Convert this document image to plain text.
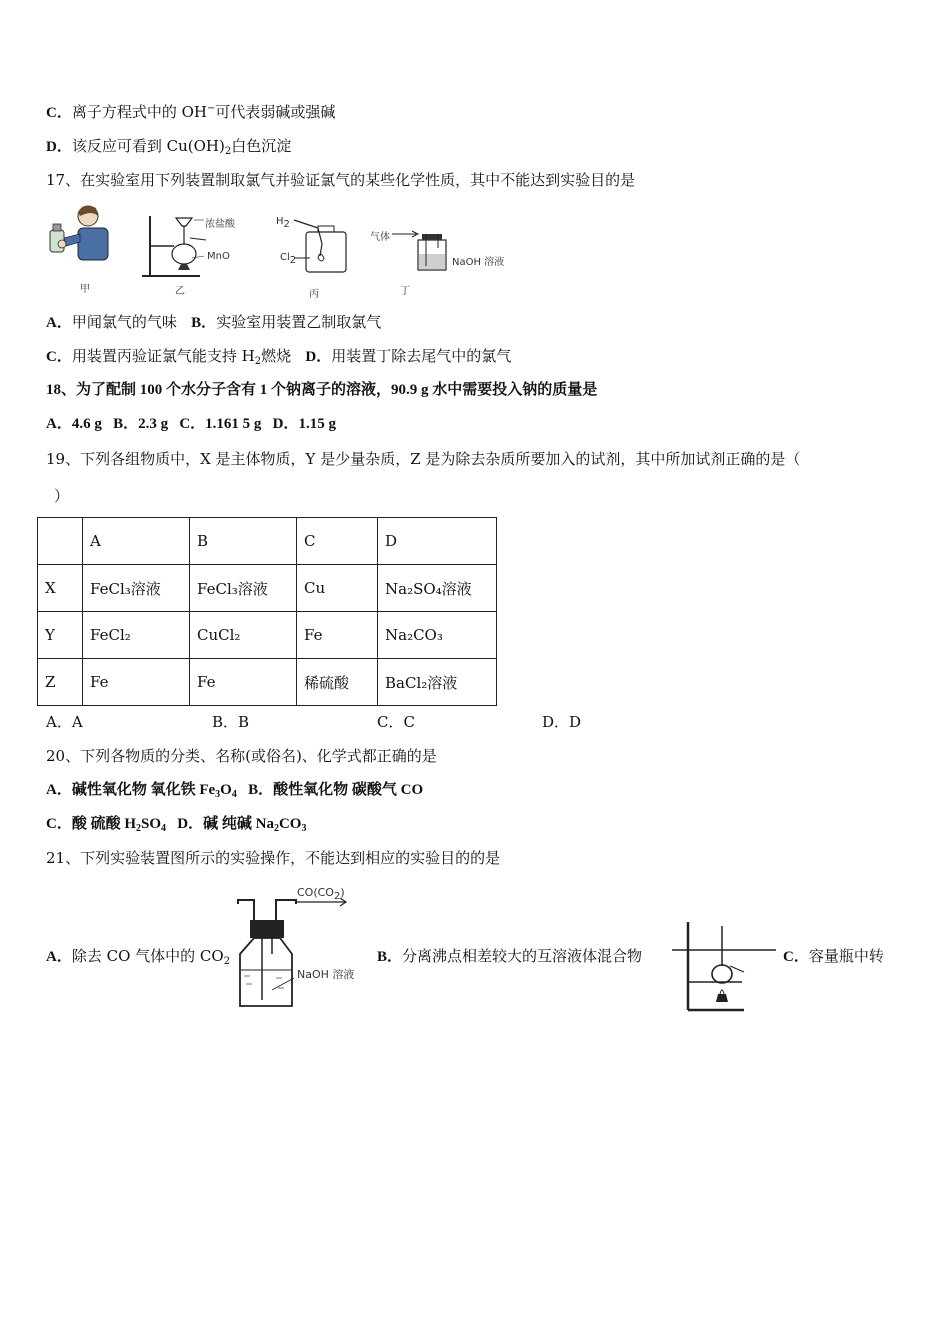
C．离子方程式中的 OH−可代表弱碱或强碱
D．该反应可看到 $Cu(OH)_2$白色沉淀
17、在实验室用下列装置制取氯气并验证氯气的某些化学性质，其中不能达到实验目的是
浓盐酸
MnO
$H_2$
$Cl_2$
气体
NaOH 溶液
甲	乙	丙	丁
A．甲闻氯气的气味 B．实验室用装置乙制取氯气
C．用装置丙验证氯气能支持 $H_2$燃烧 D．用装置丁除去尾气中的氯气
18、为了配制 100 个水分子含有 1 个钠离子的溶液，90.9 g 水中需要投入钠的质量是
A．4.6 g   B．2.3 g   C．1.161 5 g   D．1.15 g
19、下列各组物质中，X 是主体物质，Y 是少量杂质，Z 是为除去杂质所要加入的试剂，其中所加试剂正确的是（
）
	A	B	C	D
X	FeCl₃溶液	FeCl₃溶液	Cu	Na₂SO₄溶液
Y	FeCl₂	CuCl₂	Fe	Na₂CO₃
Z	Fe	Fe	稀硫酸	BaCl₂溶液
A．A	B．B	C．C	D．D
20、下列各物质的分类、名称(或俗名)、化学式都正确的是
A．碱性氧化物 氧化铁 $Fe_3O_4$ B．酸性氧化物 碳酸气 CO
C．酸 硫酸 $H_2SO_4$ D．碱 纯碱 $Na_2CO_3$
21、下列实验装置图所示的实验操作，不能达到相应的实验目的的是
A．除去 CO 气体中的 $CO_2$
$CO(CO_2)$
NaOH 溶液
B．分离沸点相差较大的互溶液体混合物	C．容量瓶中转
